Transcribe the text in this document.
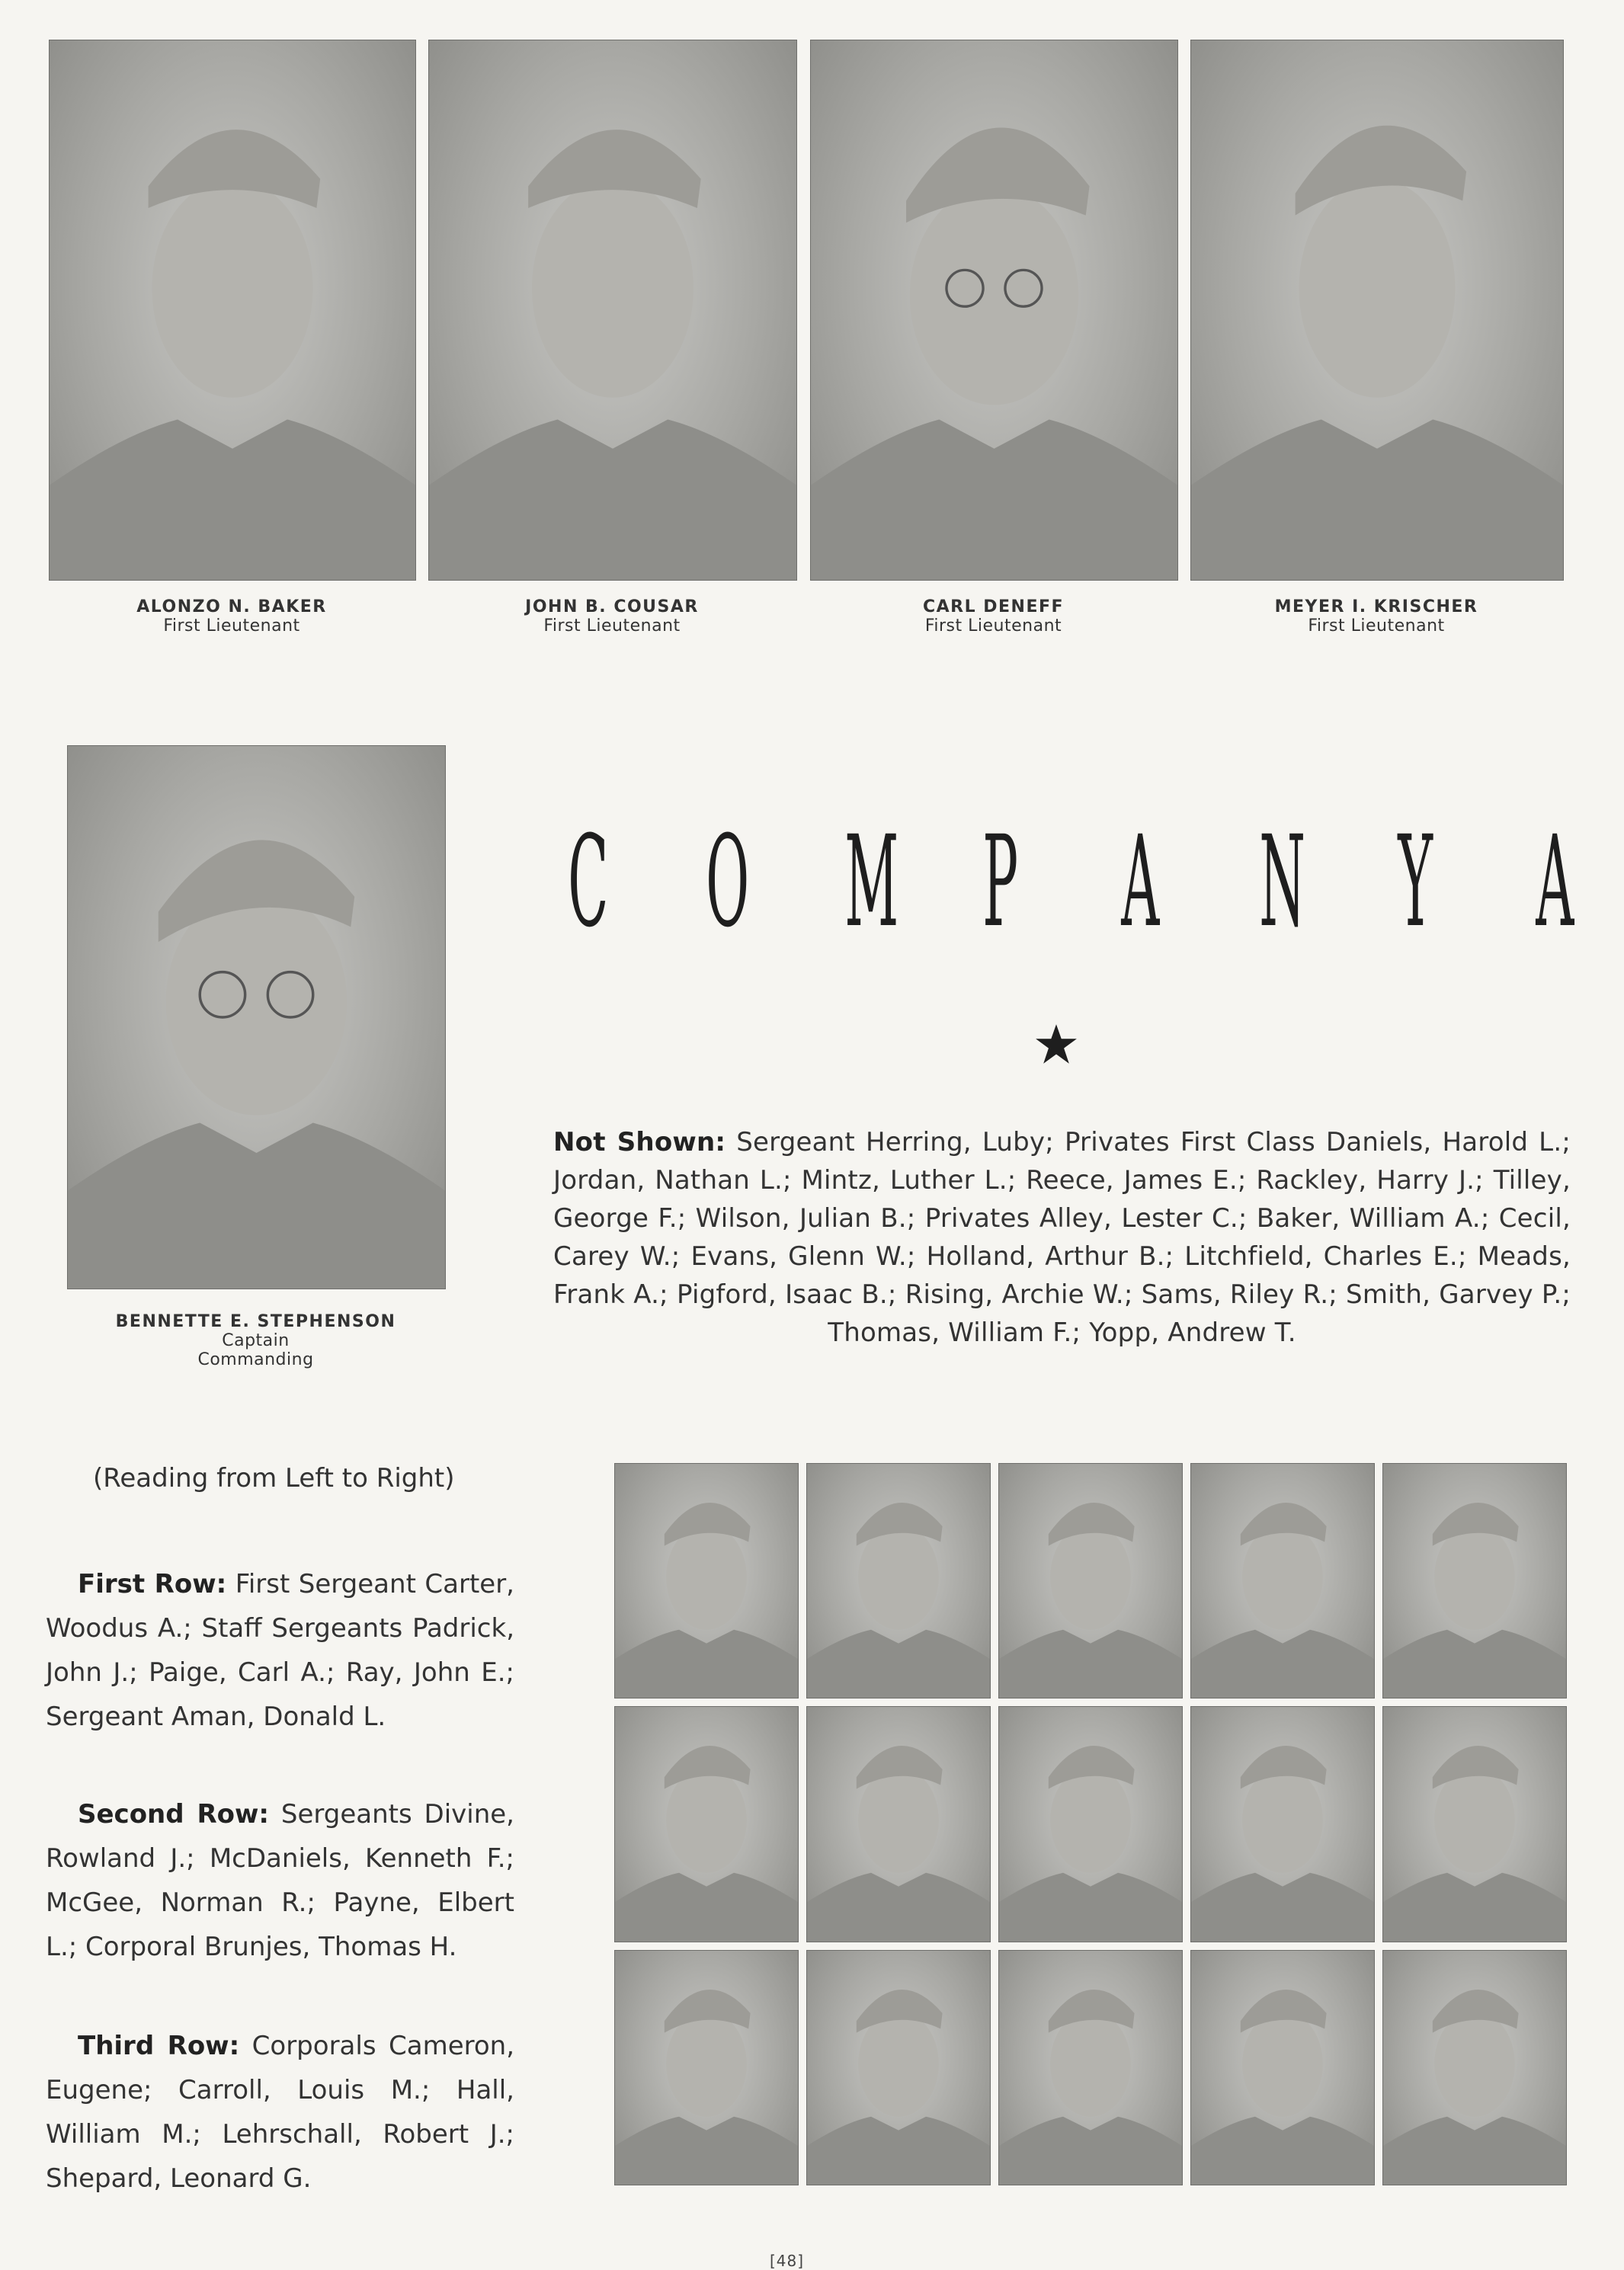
ALONZO N. BAKER
First Lieutenant
JOHN B. COUSAR
First Lieutenant
CARL DENEFF
First Lieutenant
MEYER I. KRISCHER
First Lieutenant
BENNETTE E. STEPHENSON
Captain
Commanding
C O M P A N Y A
Not Shown: Sergeant Herring, Luby; Privates First Class Daniels, Harold L.; Jordan, Nathan L.; Mintz, Luther L.; Reece, James E.; Rackley, Harry J.; Tilley, George F.; Wilson, Julian B.; Privates Alley, Lester C.; Baker, William A.; Cecil, Carey W.; Evans, Glenn W.; Holland, Arthur B.; Litchfield, Charles E.; Meads, Frank A.; Pigford, Isaac B.; Rising, Archie W.; Sams, Riley R.; Smith, Garvey P.; Thomas, William F.; Yopp, Andrew T.
(Reading from Left to Right)
First Row: First Sergeant Carter, Woodus A.; Staff Sergeants Padrick, John J.; Paige, Carl A.; Ray, John E.; Sergeant Aman, Donald L.
Second Row: Sergeants Divine, Rowland J.; McDaniels, Kenneth F.; McGee, Norman R.; Payne, Elbert L.; Corporal Brunjes, Thomas H.
Third Row: Corporals Cameron, Eugene; Carroll, Louis M.; Hall, William M.; Lehrschall, Robert J.; Shepard, Leonard G.
[48]
